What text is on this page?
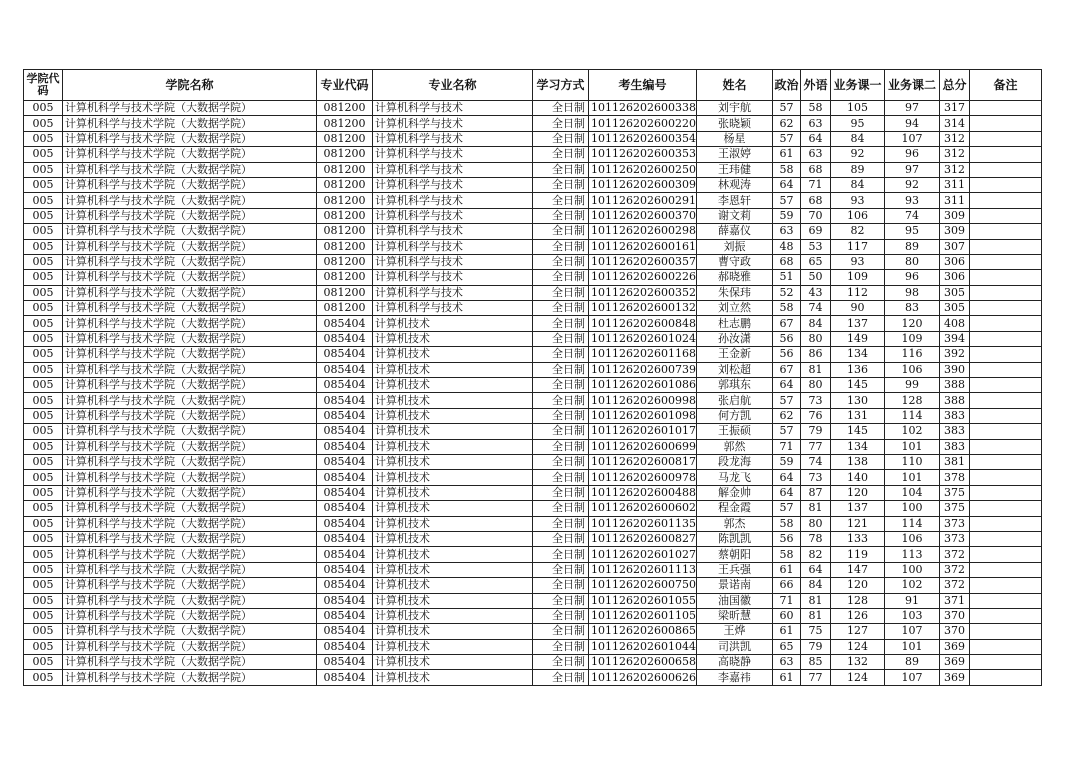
学院代码	学院名称	专业代码	专业名称	学习方式	考生编号	姓名	政治	外语	业务课一	业务课二	总分	备注
005	计算机科学与技术学院（大数据学院）	081200	计算机科学与技术	全日制	101126202600338	刘宇航	57	58	105	97	317	
005	计算机科学与技术学院（大数据学院）	081200	计算机科学与技术	全日制	101126202600220	张晓颖	62	63	95	94	314	
005	计算机科学与技术学院（大数据学院）	081200	计算机科学与技术	全日制	101126202600354	杨星	57	64	84	107	312	
005	计算机科学与技术学院（大数据学院）	081200	计算机科学与技术	全日制	101126202600353	王淑婷	61	63	92	96	312	
005	计算机科学与技术学院（大数据学院）	081200	计算机科学与技术	全日制	101126202600250	王玮健	58	68	89	97	312	
005	计算机科学与技术学院（大数据学院）	081200	计算机科学与技术	全日制	101126202600309	林观涛	64	71	84	92	311	
005	计算机科学与技术学院（大数据学院）	081200	计算机科学与技术	全日制	101126202600291	李恩轩	57	68	93	93	311	
005	计算机科学与技术学院（大数据学院）	081200	计算机科学与技术	全日制	101126202600370	谢文莉	59	70	106	74	309	
005	计算机科学与技术学院（大数据学院）	081200	计算机科学与技术	全日制	101126202600298	薛嘉仪	63	69	82	95	309	
005	计算机科学与技术学院（大数据学院）	081200	计算机科学与技术	全日制	101126202600161	刘振	48	53	117	89	307	
005	计算机科学与技术学院（大数据学院）	081200	计算机科学与技术	全日制	101126202600357	曹守政	68	65	93	80	306	
005	计算机科学与技术学院（大数据学院）	081200	计算机科学与技术	全日制	101126202600226	郝晓雅	51	50	109	96	306	
005	计算机科学与技术学院（大数据学院）	081200	计算机科学与技术	全日制	101126202600352	朱保玮	52	43	112	98	305	
005	计算机科学与技术学院（大数据学院）	081200	计算机科学与技术	全日制	101126202600132	刘立然	58	74	90	83	305	
005	计算机科学与技术学院（大数据学院）	085404	计算机技术	全日制	101126202600848	杜志鹏	67	84	137	120	408	
005	计算机科学与技术学院（大数据学院）	085404	计算机技术	全日制	101126202601024	孙汝潇	56	80	149	109	394	
005	计算机科学与技术学院（大数据学院）	085404	计算机技术	全日制	101126202601168	王金新	56	86	134	116	392	
005	计算机科学与技术学院（大数据学院）	085404	计算机技术	全日制	101126202600739	刘松超	67	81	136	106	390	
005	计算机科学与技术学院（大数据学院）	085404	计算机技术	全日制	101126202601086	郭琪东	64	80	145	99	388	
005	计算机科学与技术学院（大数据学院）	085404	计算机技术	全日制	101126202600998	张启航	57	73	130	128	388	
005	计算机科学与技术学院（大数据学院）	085404	计算机技术	全日制	101126202601098	何方凯	62	76	131	114	383	
005	计算机科学与技术学院（大数据学院）	085404	计算机技术	全日制	101126202601017	王振硕	57	79	145	102	383	
005	计算机科学与技术学院（大数据学院）	085404	计算机技术	全日制	101126202600699	郭然	71	77	134	101	383	
005	计算机科学与技术学院（大数据学院）	085404	计算机技术	全日制	101126202600817	段龙海	59	74	138	110	381	
005	计算机科学与技术学院（大数据学院）	085404	计算机技术	全日制	101126202600978	马龙飞	64	73	140	101	378	
005	计算机科学与技术学院（大数据学院）	085404	计算机技术	全日制	101126202600488	解金帅	64	87	120	104	375	
005	计算机科学与技术学院（大数据学院）	085404	计算机技术	全日制	101126202600602	程金霞	57	81	137	100	375	
005	计算机科学与技术学院（大数据学院）	085404	计算机技术	全日制	101126202601135	郭杰	58	80	121	114	373	
005	计算机科学与技术学院（大数据学院）	085404	计算机技术	全日制	101126202600827	陈凯凯	56	78	133	106	373	
005	计算机科学与技术学院（大数据学院）	085404	计算机技术	全日制	101126202601027	蔡朝阳	58	82	119	113	372	
005	计算机科学与技术学院（大数据学院）	085404	计算机技术	全日制	101126202601113	王兵强	61	64	147	100	372	
005	计算机科学与技术学院（大数据学院）	085404	计算机技术	全日制	101126202600750	景诺南	66	84	120	102	372	
005	计算机科学与技术学院（大数据学院）	085404	计算机技术	全日制	101126202601055	油国徽	71	81	128	91	371	
005	计算机科学与技术学院（大数据学院）	085404	计算机技术	全日制	101126202601105	梁昕慧	60	81	126	103	370	
005	计算机科学与技术学院（大数据学院）	085404	计算机技术	全日制	101126202600865	王烨	61	75	127	107	370	
005	计算机科学与技术学院（大数据学院）	085404	计算机技术	全日制	101126202601044	司洪凯	65	79	124	101	369	
005	计算机科学与技术学院（大数据学院）	085404	计算机技术	全日制	101126202600658	高晓静	63	85	132	89	369	
005	计算机科学与技术学院（大数据学院）	085404	计算机技术	全日制	101126202600626	李嘉祎	61	77	124	107	369	
